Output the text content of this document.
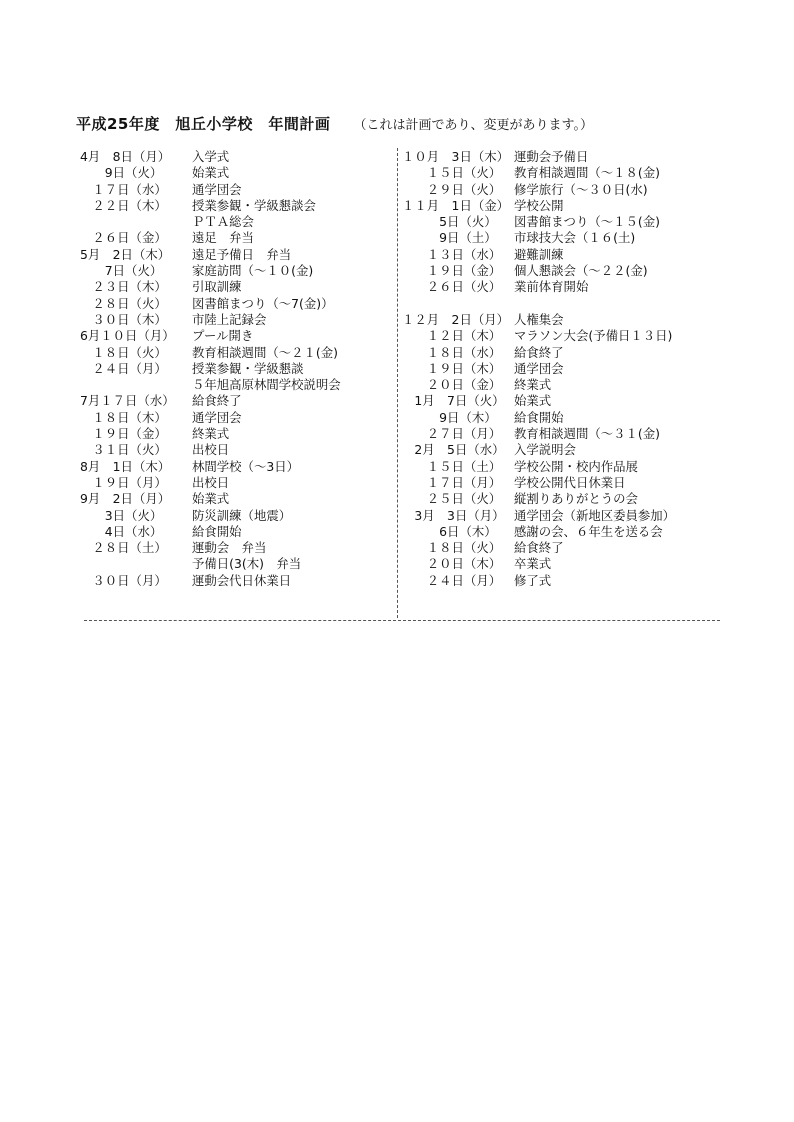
平成25年度　旭丘小学校　年間計画 （これは計画であり、変更があります。）
4月　8日（月）	入学式
　　9日（火）	始業式
　１７日（水）	通学団会
　２２日（木）	授業参観・学級懇談会
ＰＴＡ総会
　２６日（金）	遠足　弁当
5月　2日（木）	遠足予備日　弁当
　　7日（火）	家庭訪問（～１０(金)
　２３日（木）	引取訓練
　２８日（火）	図書館まつり（～7(金)）
　３０日（木）	市陸上記録会
6月１０日（月）	プール開き
　１８日（火）	教育相談週間（～２１(金)
　２４日（月）	授業参観・学級懇談
５年旭高原林間学校説明会
7月１７日（水）	給食終了
　１８日（木）	通学団会
　１９日（金）	終業式
　３１日（火）	出校日
8月　1日（木）	林間学校（～3日）
　１９日（月）	出校日
9月　2日（月）	始業式
　　3日（火）	防災訓練（地震）
　　4日（水）	給食開始
　２８日（土）	運動会　弁当
予備日(3(木)　弁当
　３０日（月）	運動会代日休業日
１０月　3日（木） 運動会予備日
　　１５日（火）	教育相談週間（～１８(金)
　　２９日（火）	修学旅行（～３０日(水)
１１月　1日（金） 学校公開
　　　5日（火）	図書館まつり（～１５(金)
　　　9日（土）	市球技大会（１６(土)
　　１３日（水）	避難訓練
　　１９日（金）	個人懇談会（～２２(金)
　　２６日（火）	業前体育開始
１２月　2日（月） 人権集会
　　１２日（木）	マラソン大会(予備日１３日)
　　１８日（水）	給食終了
　　１９日（木）	通学団会
　　２０日（金）	終業式
　1月　7日（火） 始業式
　　　9日（木）	給食開始
　　２７日（月）	教育相談週間（～３１(金)
　2月　5日（水） 入学説明会
　　１５日（土）	学校公開・校内作品展
　　１７日（月）	学校公開代日休業日
　　２５日（火）	縦割りありがとうの会
　3月　3日（月） 通学団会（新地区委員参加）
　　　6日（木）	感謝の会、６年生を送る会
　　１８日（火）	給食終了
　　２０日（木）	卒業式
　　２４日（月）	修了式
